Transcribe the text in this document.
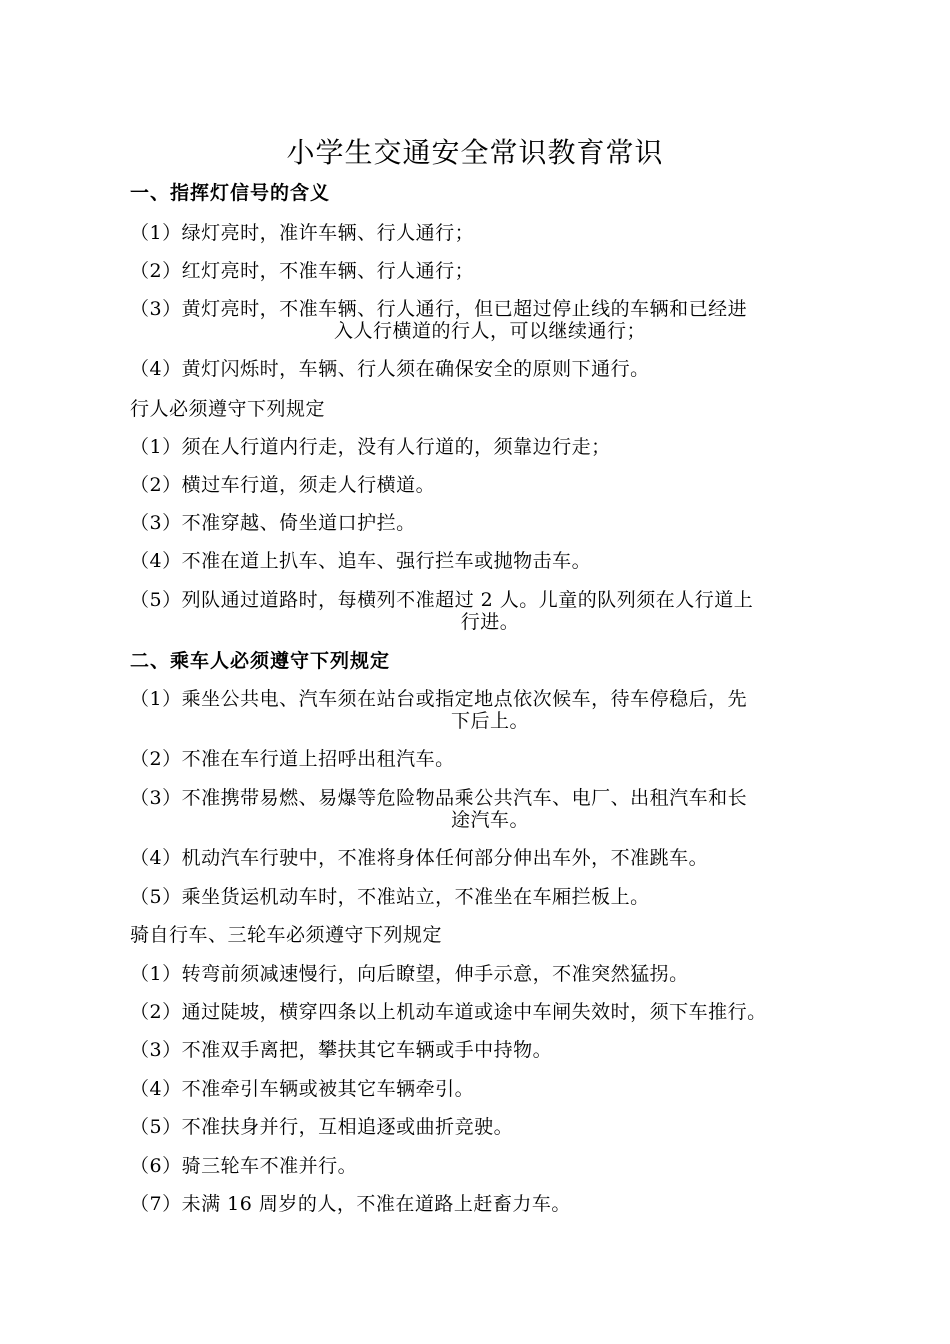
小学生交通安全常识教育常识
一、指挥灯信号的含义
（1）绿灯亮时，准许车辆、行人通行；
（2）红灯亮时，不准车辆、行人通行；
（3）黄灯亮时，不准车辆、行人通行，但已超过停止线的车辆和已经进
入人行横道的行人，可以继续通行；
（4）黄灯闪烁时，车辆、行人须在确保安全的原则下通行。
行人必须遵守下列规定
（1）须在人行道内行走，没有人行道的，须靠边行走；
（2）横过车行道，须走人行横道。
（3）不准穿越、倚坐道口护拦。
（4）不准在道上扒车、追车、强行拦车或抛物击车。
（5）列队通过道路时，每横列不准超过 2 人。儿童的队列须在人行道上
行进。
二、乘车人必须遵守下列规定
（1）乘坐公共电、汽车须在站台或指定地点依次候车，待车停稳后，先
下后上。
（2）不准在车行道上招呼出租汽车。
（3）不准携带易燃、易爆等危险物品乘公共汽车、电厂、出租汽车和长
途汽车。
（4）机动汽车行驶中，不准将身体任何部分伸出车外，不准跳车。
（5）乘坐货运机动车时，不准站立，不准坐在车厢拦板上。
骑自行车、三轮车必须遵守下列规定
（1）转弯前须减速慢行，向后瞭望，伸手示意，不准突然猛拐。
（2）通过陡坡，横穿四条以上机动车道或途中车闸失效时，须下车推行。
（3）不准双手离把，攀扶其它车辆或手中持物。
（4）不准牵引车辆或被其它车辆牵引。
（5）不准扶身并行，互相追逐或曲折竞驶。
（6）骑三轮车不准并行。
（7）未满 16 周岁的人，不准在道路上赶畜力车。
